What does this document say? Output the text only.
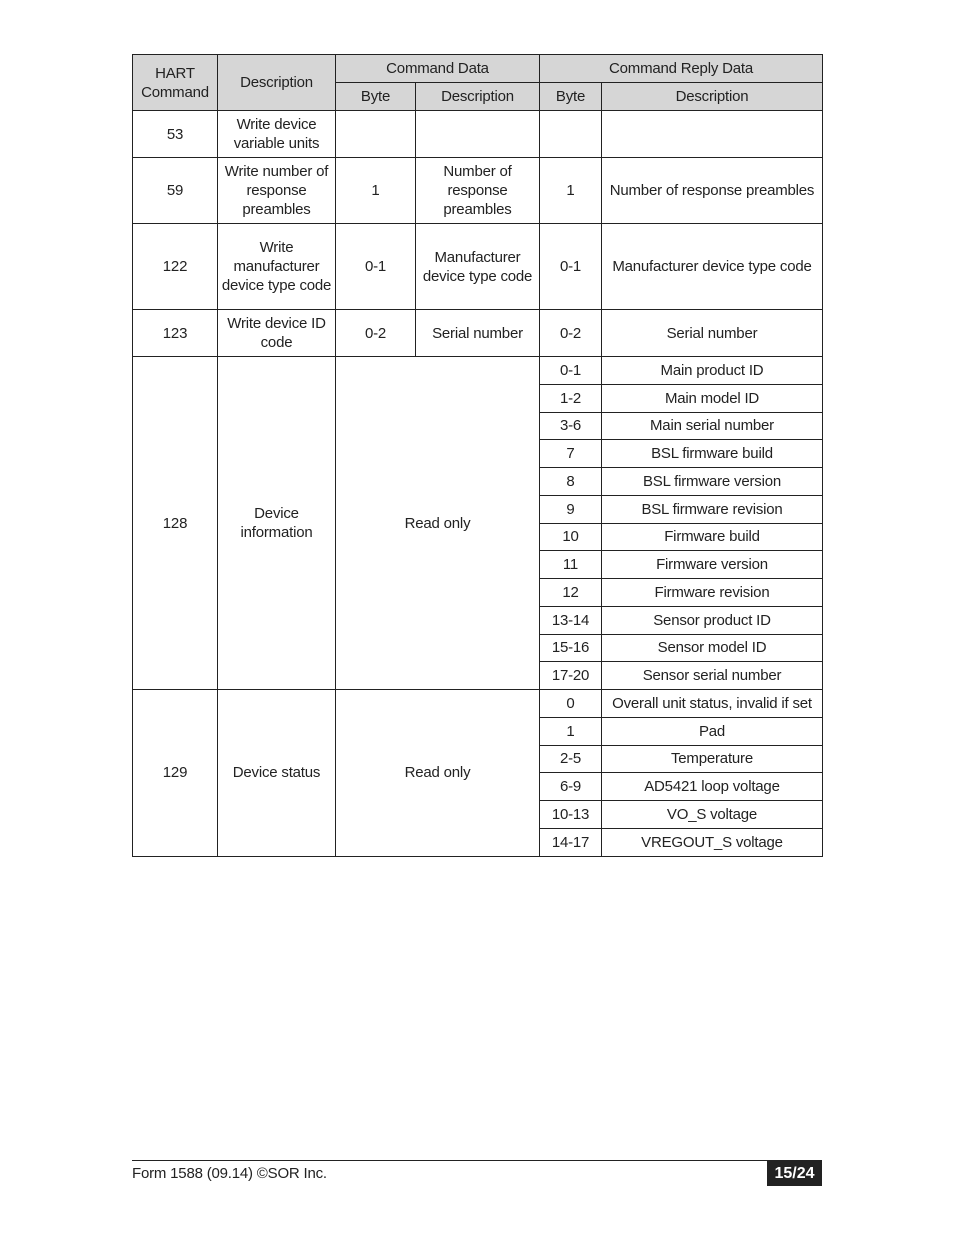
HART Command	Description	Command Data		Command Reply Data	
		Byte	Description	Byte	Description
53	Write device variable units				
59	Write number of response preambles	1	Number of response preambles	1	Number of response preambles
122	Write manufacturer device type code	0-1	Manufacturer device type code	0-1	Manufacturer device type code
123	Write device ID code	0-2	Serial number	0-2	Serial number
128	Device information	Read only		0-1	Main product ID
				1-2	Main model ID
				3-6	Main serial number
				7	BSL firmware build
				8	BSL firmware version
				9	BSL firmware revision
				10	Firmware build
				11	Firmware version
				12	Firmware revision
				13-14	Sensor product ID
				15-16	Sensor model ID
				17-20	Sensor serial number
129	Device status	Read only		0	Overall unit status, invalid if set
				1	Pad
				2-5	Temperature
				6-9	AD5421 loop voltage
				10-13	VO_S voltage
				14-17	VREGOUT_S voltage
Form 1588 (09.14) ©SOR Inc.	15/24
